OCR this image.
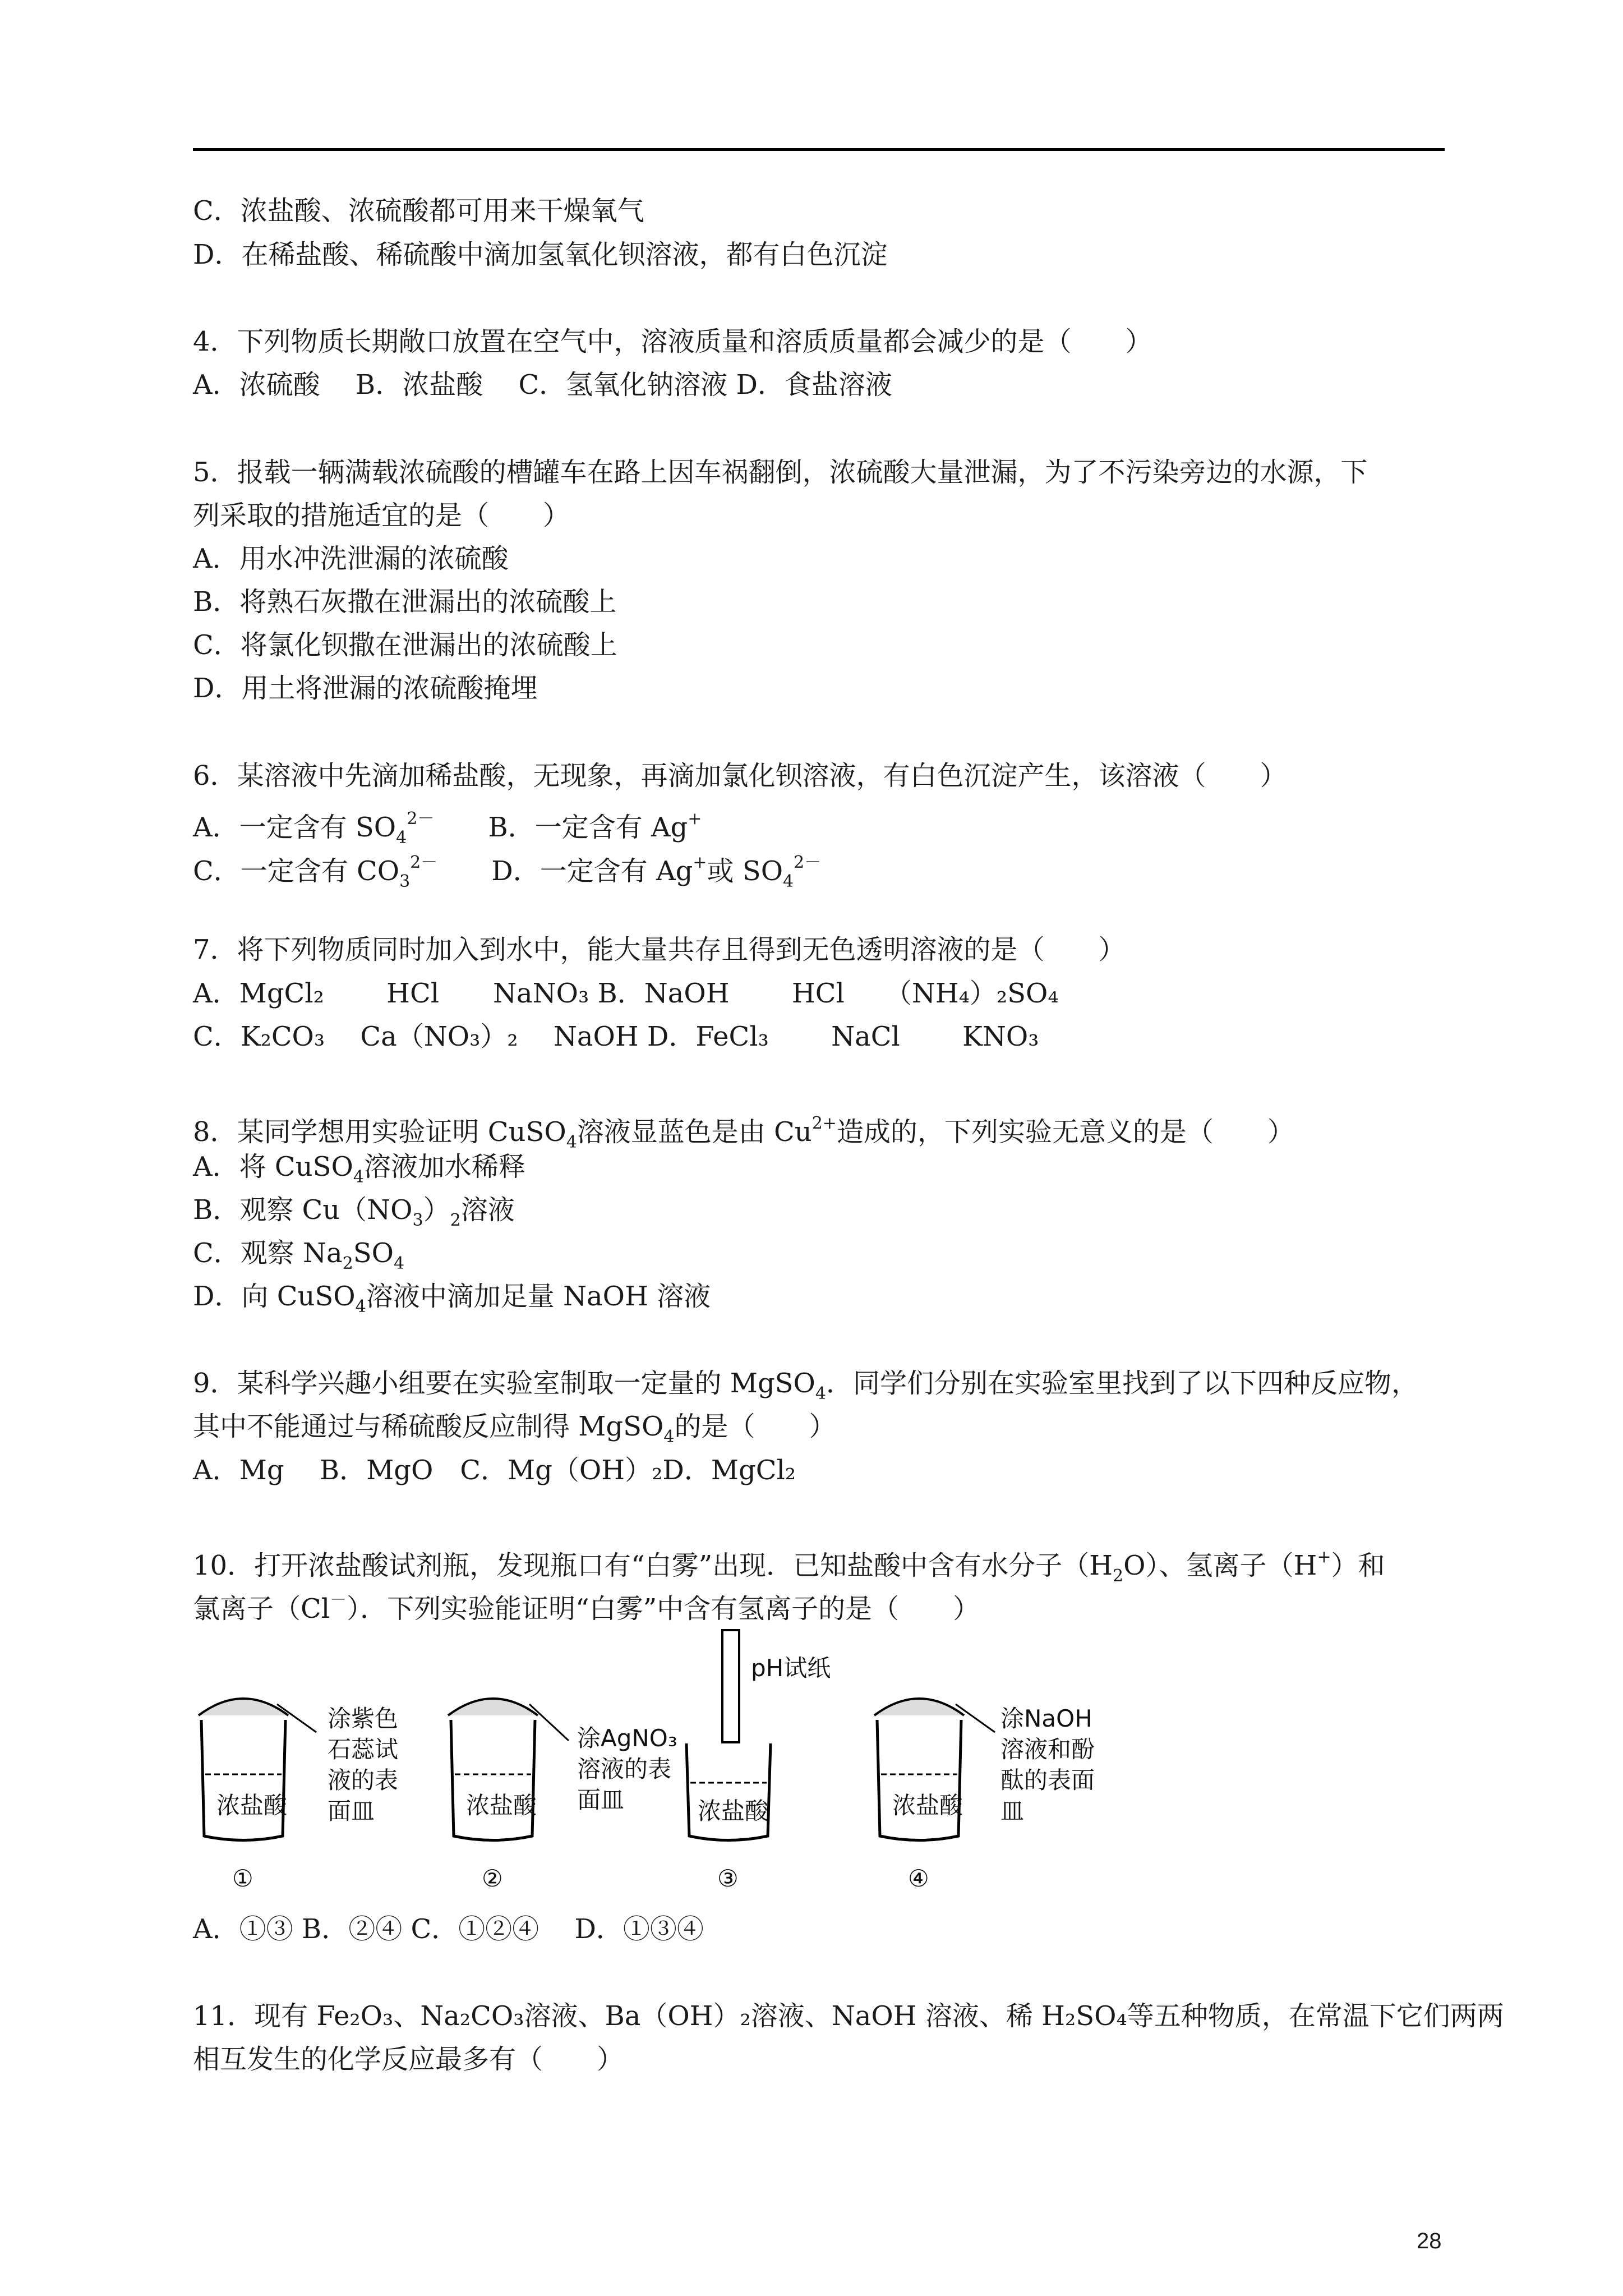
C．浓盐酸、浓硫酸都可用来干燥氧气
D．在稀盐酸、稀硫酸中滴加氢氧化钡溶液，都有白色沉淀
4．下列物质长期敞口放置在空气中，溶液质量和溶质质量都会减少的是（　　）
A．浓硫酸　 B．浓盐酸　 C．氢氧化钠溶液 D．食盐溶液
5．报载一辆满载浓硫酸的槽罐车在路上因车祸翻倒，浓硫酸大量泄漏，为了不污染旁边的水源，下
列采取的措施适宜的是（　　）
A．用水冲洗泄漏的浓硫酸
B．将熟石灰撒在泄漏出的浓硫酸上
C．将氯化钡撒在泄漏出的浓硫酸上
D．用土将泄漏的浓硫酸掩埋
6．某溶液中先滴加稀盐酸，无现象，再滴加氯化钡溶液，有白色沉淀产生，该溶液（　　）
A．一定含有 $SO_4^{2-}$　　B．一定含有 Ag+
C．一定含有 $CO_3^{2-}$　　D．一定含有 Ag+或 $SO_4^{2-}$
7．将下列物质同时加入到水中，能大量共存且得到无色透明溶液的是（　　）
A．MgCl₂　　 HCl　　NaNO₃ B．NaOH　　 HCl　　（NH₄）₂SO₄
C．K₂CO₃　 Ca（NO₃）₂　 NaOH D．FeCl₃　　 NaCl　　 KNO₃
8．某同学想用实验证明 CuSO$_4$溶液显蓝色是由 $Cu^{2+}$造成的，下列实验无意义的是（　　）
A．将 CuSO$_4$溶液加水稀释
B．观察 $Cu(NO_3)_2$溶液
C．观察 $Na_2SO_4$
D．向 CuSO$_4$溶液中滴加足量 NaOH 溶液
9．某科学兴趣小组要在实验室制取一定量的 MgSO$_4$．同学们分别在实验室里找到了以下四种反应物，
其中不能通过与稀硫酸反应制得 MgSO$_4$的是（　　）
A．Mg　 B．MgO　C．Mg（OH）₂D．MgCl₂
10．打开浓盐酸试剂瓶，发现瓶口有“白雾”出现．已知盐酸中含有水分子$(H_2O)$、氢离子（H+）和
氯离子（Cl－）．下列实验能证明“白雾”中含有氢离子的是（　　）
浓盐酸
涂紫色
石蕊试
液的表
面皿
①
浓盐酸
涂AgNO₃
溶液的表
面皿
②
pH试纸
浓盐酸
③
浓盐酸
涂NaOH
溶液和酚
酞的表面
皿
④
A．①③ B．②④ C．①②④　 D．①③④
11．现有 Fe₂O₃、Na₂CO₃溶液、Ba（OH）₂溶液、NaOH 溶液、稀 H₂SO₄等五种物质，在常温下它们两两
相互发生的化学反应最多有（　　）
28
